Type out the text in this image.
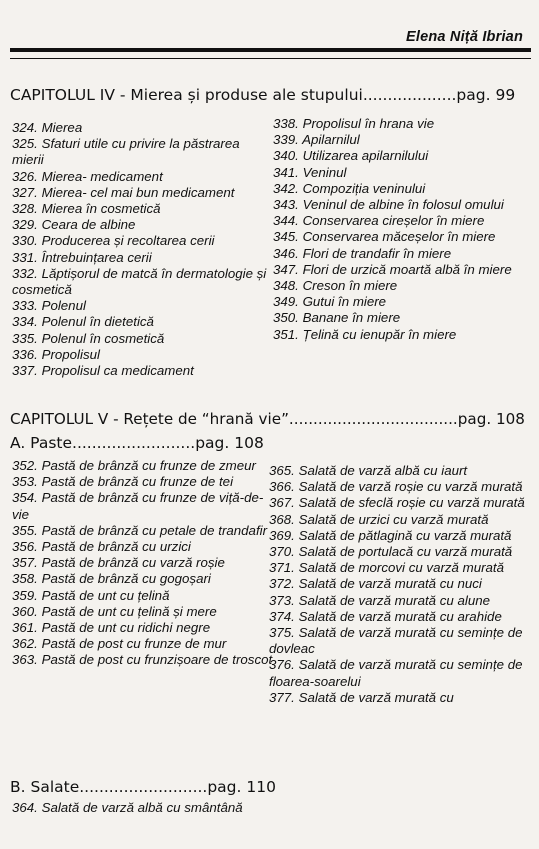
Elena Niță Ibrian
CAPITOLUL IV - Mierea și produse ale stupului...................pag. 99

324. Mierea

325. Sfaturi utile cu privire la păstrarea mierii

326. Mierea- medicament

327. Mierea- cel mai bun medicament

328. Mierea în cosmetică

329. Ceara de albine

330. Producerea și recoltarea cerii

331. Întrebuințarea cerii

332. Lăptișorul de matcă în dermatologie și cosmetică

333. Polenul

334. Polenul în dietetică

335. Polenul în cosmetică

336. Propolisul

337. Propolisul ca medicament

338. Propolisul în hrana vie

339. Apilarnilul

340. Utilizarea apilarnilului

341. Veninul

342. Compoziția veninului

343. Veninul de albine în folosul omului

344. Conservarea cireșelor în miere

345. Conservarea măceșelor în miere

346. Flori de trandafir în miere

347. Flori de urzică moartă albă în miere

348. Creson în miere

349. Gutui în miere

350. Banane în miere

351. Țelină cu ienupăr în miere

CAPITOLUL V - Rețete de “hrană vie”...................................pag. 108
A. Paste.........................pag. 108

352. Pastă de brânză cu frunze de zmeur

353. Pastă de brânză cu frunze de tei

354. Pastă de brânză cu frunze de viță-de-vie

355. Pastă de brânză cu petale de trandafir

356. Pastă de brânză cu urzici

357. Pastă de brânză cu varză roșie

358. Pastă de brânză cu gogoșari

359. Pastă de unt cu țelină

360. Pastă de unt cu țelină și mere

361. Pastă de unt cu ridichi negre

362. Pastă de post cu frunze de mur

363. Pastă de post cu frunzișoare de troscot

B. Salate..........................pag. 110

364. Salată de varză albă cu smântână

365. Salată de varză albă cu iaurt

366. Salată de varză roșie cu varză murată

367. Salată de sfeclă roșie cu varză murată

368. Salată de urzici cu varză murată

369. Salată de pătlagină cu varză murată

370. Salată de portulacă cu varză murată

371. Salată de morcovi cu varză murată

372. Salată de varză murată cu nuci

373. Salată de varză murată cu alune

374. Salată de varză murată cu arahide

375. Salată de varză murată cu semințe de dovleac

376. Salată de varză murată cu semințe de floarea-soarelui

377. Salată de varză murată cu
